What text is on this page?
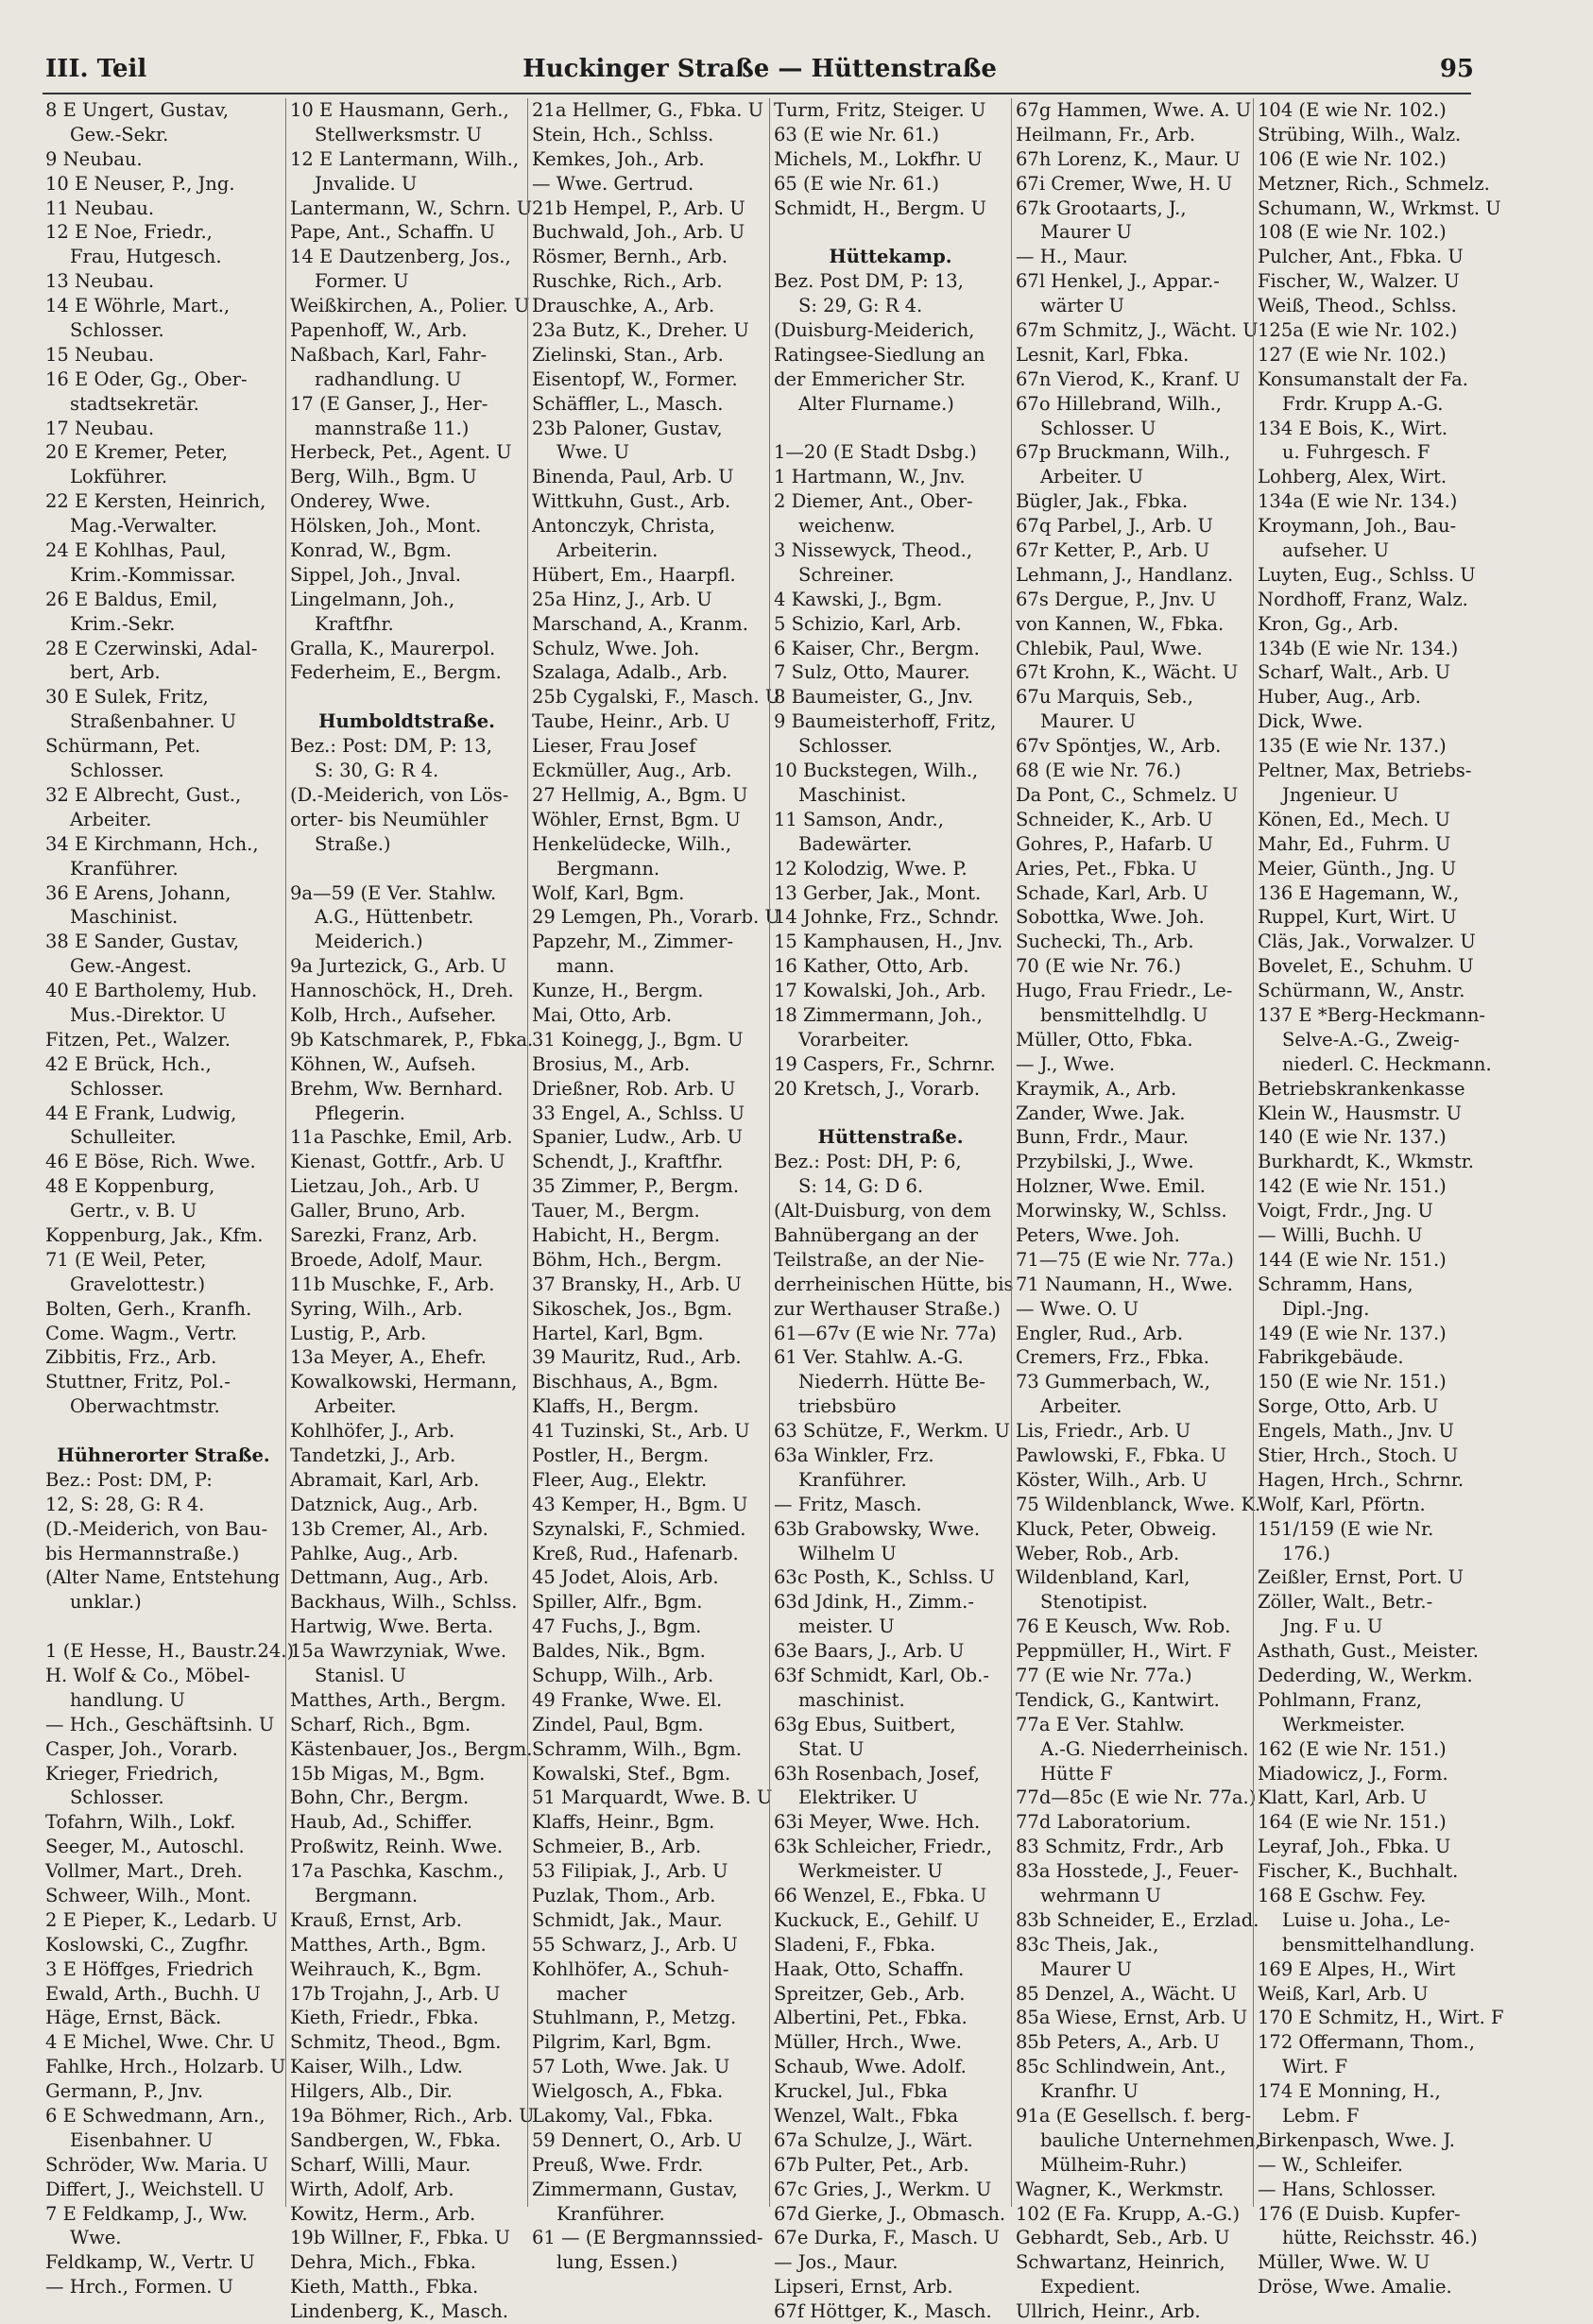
III. Teil	Huckinger Straße — Hüttenstraße	95
8 E Ungert, Gustav,
Gew.-Sekr.
9 Neubau.
10 E Neuser, P., Jng.
11 Neubau.
12 E Noe, Friedr.,
Frau, Hutgesch.
13 Neubau.
14 E Wöhrle, Mart.,
Schlosser.
15 Neubau.
16 E Oder, Gg., Ober-
stadtsekretär.
17 Neubau.
20 E Kremer, Peter,
Lokführer.
22 E Kersten, Heinrich,
Mag.-Verwalter.
24 E Kohlhas, Paul,
Krim.-Kommissar.
26 E Baldus, Emil,
Krim.-Sekr.
28 E Czerwinski, Adal-
bert, Arb.
30 E Sulek, Fritz,
Straßenbahner. U
Schürmann, Pet.
Schlosser.
32 E Albrecht, Gust.,
Arbeiter.
34 E Kirchmann, Hch.,
Kranführer.
36 E Arens, Johann,
Maschinist.
38 E Sander, Gustav,
Gew.-Angest.
40 E Bartholemy, Hub.
Mus.-Direktor. U
Fitzen, Pet., Walzer.
42 E Brück, Hch.,
Schlosser.
44 E Frank, Ludwig,
Schulleiter.
46 E Böse, Rich. Wwe.
48 E Koppenburg,
Gertr., v. B. U
Koppenburg, Jak., Kfm.
71 (E Weil, Peter,
Gravelottestr.)
Bolten, Gerh., Kranfh.
Come. Wagm., Vertr.
Zibbitis, Frz., Arb.
Stuttner, Fritz, Pol.-
Oberwachtmstr.
Hühnerorter Straße.
Bez.: Post: DM, P:
12, S: 28, G: R 4.
(D.-Meiderich, von Bau-
bis Hermannstraße.)
(Alter Name, Entstehung
unklar.)
1 (E Hesse, H., Baustr.24.)
H. Wolf & Co., Möbel-
handlung. U
— Hch., Geschäftsinh. U
Casper, Joh., Vorarb.
Krieger, Friedrich,
Schlosser.
Tofahrn, Wilh., Lokf.
Seeger, M., Autoschl.
Vollmer, Mart., Dreh.
Schweer, Wilh., Mont.
2 E Pieper, K., Ledarb. U
Koslowski, C., Zugfhr.
3 E Höffges, Friedrich
Ewald, Arth., Buchh. U
Häge, Ernst, Bäck.
4 E Michel, Wwe. Chr. U
Fahlke, Hrch., Holzarb. U
Germann, P., Jnv.
6 E Schwedmann, Arn.,
Eisenbahner. U
Schröder, Ww. Maria. U
Differt, J., Weichstell. U
7 E Feldkamp, J., Ww.
Wwe.
Feldkamp, W., Vertr. U
— Hrch., Formen. U
10 E Hausmann, Gerh.,
Stellwerksmstr. U
12 E Lantermann, Wilh.,
Jnvalide. U
Lantermann, W., Schrn. U
Pape, Ant., Schaffn. U
14 E Dautzenberg, Jos.,
Former. U
Weißkirchen, A., Polier. U
Papenhoff, W., Arb.
Naßbach, Karl, Fahr-
radhandlung. U
17 (E Ganser, J., Her-
mannstraße 11.)
Herbeck, Pet., Agent. U
Berg, Wilh., Bgm. U
Onderey, Wwe.
Hölsken, Joh., Mont.
Konrad, W., Bgm.
Sippel, Joh., Jnval.
Lingelmann, Joh.,
Kraftfhr.
Gralla, K., Maurerpol.
Federheim, E., Bergm.
Humboldtstraße.
Bez.: Post: DM, P: 13,
S: 30, G: R 4.
(D.-Meiderich, von Lös-
orter- bis Neumühler
Straße.)
9a—59 (E Ver. Stahlw.
A.G., Hüttenbetr.
Meiderich.)
9a Jurtezick, G., Arb. U
Hannoschöck, H., Dreh.
Kolb, Hrch., Aufseher.
9b Katschmarek, P., Fbka.
Köhnen, W., Aufseh.
Brehm, Ww. Bernhard.
Pflegerin.
11a Paschke, Emil, Arb.
Kienast, Gottfr., Arb. U
Lietzau, Joh., Arb. U
Galler, Bruno, Arb.
Sarezki, Franz, Arb.
Broede, Adolf, Maur.
11b Muschke, F., Arb.
Syring, Wilh., Arb.
Lustig, P., Arb.
13a Meyer, A., Ehefr.
Kowalkowski, Hermann,
Arbeiter.
Kohlhöfer, J., Arb.
Tandetzki, J., Arb.
Abramait, Karl, Arb.
Datznick, Aug., Arb.
13b Cremer, Al., Arb.
Pahlke, Aug., Arb.
Dettmann, Aug., Arb.
Backhaus, Wilh., Schlss.
Hartwig, Wwe. Berta.
15a Wawrzyniak, Wwe.
Stanisl. U
Matthes, Arth., Bergm.
Scharf, Rich., Bgm.
Kästenbauer, Jos., Bergm.
15b Migas, M., Bgm.
Bohn, Chr., Bergm.
Haub, Ad., Schiffer.
Proßwitz, Reinh. Wwe.
17a Paschka, Kaschm.,
Bergmann.
Krauß, Ernst, Arb.
Matthes, Arth., Bgm.
Weihrauch, K., Bgm.
17b Trojahn, J., Arb. U
Kieth, Friedr., Fbka.
Schmitz, Theod., Bgm.
Kaiser, Wilh., Ldw.
Hilgers, Alb., Dir.
19a Böhmer, Rich., Arb. U
Sandbergen, W., Fbka.
Scharf, Willi, Maur.
Wirth, Adolf, Arb.
Kowitz, Herm., Arb.
19b Willner, F., Fbka. U
Dehra, Mich., Fbka.
Kieth, Matth., Fbka.
Lindenberg, K., Masch.
21a Hellmer, G., Fbka. U
Stein, Hch., Schlss.
Kemkes, Joh., Arb.
— Wwe. Gertrud.
21b Hempel, P., Arb. U
Buchwald, Joh., Arb. U
Rösmer, Bernh., Arb.
Ruschke, Rich., Arb.
Drauschke, A., Arb.
23a Butz, K., Dreher. U
Zielinski, Stan., Arb.
Eisentopf, W., Former.
Schäffler, L., Masch.
23b Paloner, Gustav,
Wwe. U
Binenda, Paul, Arb. U
Wittkuhn, Gust., Arb.
Antonczyk, Christa,
Arbeiterin.
Hübert, Em., Haarpfl.
25a Hinz, J., Arb. U
Marschand, A., Kranm.
Schulz, Wwe. Joh.
Szalaga, Adalb., Arb.
25b Cygalski, F., Masch. U
Taube, Heinr., Arb. U
Lieser, Frau Josef
Eckmüller, Aug., Arb.
27 Hellmig, A., Bgm. U
Wöhler, Ernst, Bgm. U
Henkelüdecke, Wilh.,
Bergmann.
Wolf, Karl, Bgm.
29 Lemgen, Ph., Vorarb. U
Papzehr, M., Zimmer-
mann.
Kunze, H., Bergm.
Mai, Otto, Arb.
31 Koinegg, J., Bgm. U
Brosius, M., Arb.
Drießner, Rob. Arb. U
33 Engel, A., Schlss. U
Spanier, Ludw., Arb. U
Schendt, J., Kraftfhr.
35 Zimmer, P., Bergm.
Tauer, M., Bergm.
Habicht, H., Bergm.
Böhm, Hch., Bergm.
37 Bransky, H., Arb. U
Sikoschek, Jos., Bgm.
Hartel, Karl, Bgm.
39 Mauritz, Rud., Arb.
Bischhaus, A., Bgm.
Klaffs, H., Bergm.
41 Tuzinski, St., Arb. U
Postler, H., Bergm.
Fleer, Aug., Elektr.
43 Kemper, H., Bgm. U
Szynalski, F., Schmied.
Kreß, Rud., Hafenarb.
45 Jodet, Alois, Arb.
Spiller, Alfr., Bgm.
47 Fuchs, J., Bgm.
Baldes, Nik., Bgm.
Schupp, Wilh., Arb.
49 Franke, Wwe. El.
Zindel, Paul, Bgm.
Schramm, Wilh., Bgm.
Kowalski, Stef., Bgm.
51 Marquardt, Wwe. B. U
Klaffs, Heinr., Bgm.
Schmeier, B., Arb.
53 Filipiak, J., Arb. U
Puzlak, Thom., Arb.
Schmidt, Jak., Maur.
55 Schwarz, J., Arb. U
Kohlhöfer, A., Schuh-
macher
Stuhlmann, P., Metzg.
Pilgrim, Karl, Bgm.
57 Loth, Wwe. Jak. U
Wielgosch, A., Fbka.
Lakomy, Val., Fbka.
59 Dennert, O., Arb. U
Preuß, Wwe. Frdr.
Zimmermann, Gustav,
Kranführer.
61 — (E Bergmannssied-
lung, Essen.)
Turm, Fritz, Steiger. U
63 (E wie Nr. 61.)
Michels, M., Lokfhr. U
65 (E wie Nr. 61.)
Schmidt, H., Bergm. U
Hüttekamp.
Bez. Post DM, P: 13,
S: 29, G: R 4.
(Duisburg-Meiderich,
Ratingsee-Siedlung an
der Emmericher Str.
Alter Flurname.)
1—20 (E Stadt Dsbg.)
1 Hartmann, W., Jnv.
2 Diemer, Ant., Ober-
weichenw.
3 Nissewyck, Theod.,
Schreiner.
4 Kawski, J., Bgm.
5 Schizio, Karl, Arb.
6 Kaiser, Chr., Bergm.
7 Sulz, Otto, Maurer.
8 Baumeister, G., Jnv.
9 Baumeisterhoff, Fritz,
Schlosser.
10 Buckstegen, Wilh.,
Maschinist.
11 Samson, Andr.,
Badewärter.
12 Kolodzig, Wwe. P.
13 Gerber, Jak., Mont.
14 Johnke, Frz., Schndr.
15 Kamphausen, H., Jnv.
16 Kather, Otto, Arb.
17 Kowalski, Joh., Arb.
18 Zimmermann, Joh.,
Vorarbeiter.
19 Caspers, Fr., Schrnr.
20 Kretsch, J., Vorarb.
Hüttenstraße.
Bez.: Post: DH, P: 6,
S: 14, G: D 6.
(Alt-Duisburg, von dem
Bahnübergang an der
Teilstraße, an der Nie-
derrheinischen Hütte, bis
zur Werthauser Straße.)
61—67v (E wie Nr. 77a)
61 Ver. Stahlw. A.-G.
Niederrh. Hütte Be-
triebsbüro
63 Schütze, F., Werkm. U
63a Winkler, Frz.
Kranführer.
— Fritz, Masch.
63b Grabowsky, Wwe.
Wilhelm U
63c Posth, K., Schlss. U
63d Jdink, H., Zimm.-
meister. U
63e Baars, J., Arb. U
63f Schmidt, Karl, Ob.-
maschinist.
63g Ebus, Suitbert,
Stat. U
63h Rosenbach, Josef,
Elektriker. U
63i Meyer, Wwe. Hch.
63k Schleicher, Friedr.,
Werkmeister. U
66 Wenzel, E., Fbka. U
Kuckuck, E., Gehilf. U
Sladeni, F., Fbka.
Haak, Otto, Schaffn.
Spreitzer, Geb., Arb.
Albertini, Pet., Fbka.
Müller, Hrch., Wwe.
Schaub, Wwe. Adolf.
Kruckel, Jul., Fbka
Wenzel, Walt., Fbka
67a Schulze, J., Wärt.
67b Pulter, Pet., Arb.
67c Gries, J., Werkm. U
67d Gierke, J., Obmasch.
67e Durka, F., Masch. U
— Jos., Maur.
Lipseri, Ernst, Arb.
67f Höttger, K., Masch.
67g Hammen, Wwe. A. U
Heilmann, Fr., Arb.
67h Lorenz, K., Maur. U
67i Cremer, Wwe, H. U
67k Grootaarts, J.,
Maurer U
— H., Maur.
67l Henkel, J., Appar.-
wärter U
67m Schmitz, J., Wächt. U
Lesnit, Karl, Fbka.
67n Vierod, K., Kranf. U
67o Hillebrand, Wilh.,
Schlosser. U
67p Bruckmann, Wilh.,
Arbeiter. U
Bügler, Jak., Fbka.
67q Parbel, J., Arb. U
67r Ketter, P., Arb. U
Lehmann, J., Handlanz.
67s Dergue, P., Jnv. U
von Kannen, W., Fbka.
Chlebik, Paul, Wwe.
67t Krohn, K., Wächt. U
67u Marquis, Seb.,
Maurer. U
67v Spöntjes, W., Arb.
68 (E wie Nr. 76.)
Da Pont, C., Schmelz. U
Schneider, K., Arb. U
Gohres, P., Hafarb. U
Aries, Pet., Fbka. U
Schade, Karl, Arb. U
Sobottka, Wwe. Joh.
Suchecki, Th., Arb.
70 (E wie Nr. 76.)
Hugo, Frau Friedr., Le-
bensmittelhdlg. U
Müller, Otto, Fbka.
— J., Wwe.
Kraymik, A., Arb.
Zander, Wwe. Jak.
Bunn, Frdr., Maur.
Przybilski, J., Wwe.
Holzner, Wwe. Emil.
Morwinsky, W., Schlss.
Peters, Wwe. Joh.
71—75 (E wie Nr. 77a.)
71 Naumann, H., Wwe.
— Wwe. O. U
Engler, Rud., Arb.
Cremers, Frz., Fbka.
73 Gummerbach, W.,
Arbeiter.
Lis, Friedr., Arb. U
Pawlowski, F., Fbka. U
Köster, Wilh., Arb. U
75 Wildenblanck, Wwe. K.
Kluck, Peter, Obweig.
Weber, Rob., Arb.
Wildenbland, Karl,
Stenotipist.
76 E Keusch, Ww. Rob.
Peppmüller, H., Wirt. F
77 (E wie Nr. 77a.)
Tendick, G., Kantwirt.
77a E Ver. Stahlw.
A.-G. Niederrheinisch.
Hütte F
77d—85c (E wie Nr. 77a.)
77d Laboratorium.
83 Schmitz, Frdr., Arb
83a Hosstede, J., Feuer-
wehrmann U
83b Schneider, E., Erzlad.
83c Theis, Jak.,
Maurer U
85 Denzel, A., Wächt. U
85a Wiese, Ernst, Arb. U
85b Peters, A., Arb. U
85c Schlindwein, Ant.,
Kranfhr. U
91a (E Gesellsch. f. berg-
bauliche Unternehmen,
Mülheim-Ruhr.)
Wagner, K., Werkmstr.
102 (E Fa. Krupp, A.-G.)
Gebhardt, Seb., Arb. U
Schwartanz, Heinrich,
Expedient.
Ullrich, Heinr., Arb.
104 (E wie Nr. 102.)
Strübing, Wilh., Walz.
106 (E wie Nr. 102.)
Metzner, Rich., Schmelz.
Schumann, W., Wrkmst. U
108 (E wie Nr. 102.)
Pulcher, Ant., Fbka. U
Fischer, W., Walzer. U
Weiß, Theod., Schlss.
125a (E wie Nr. 102.)
127 (E wie Nr. 102.)
Konsumanstalt der Fa.
Frdr. Krupp A.-G.
134 E Bois, K., Wirt.
u. Fuhrgesch. F
Lohberg, Alex, Wirt.
134a (E wie Nr. 134.)
Kroymann, Joh., Bau-
aufseher. U
Luyten, Eug., Schlss. U
Nordhoff, Franz, Walz.
Kron, Gg., Arb.
134b (E wie Nr. 134.)
Scharf, Walt., Arb. U
Huber, Aug., Arb.
Dick, Wwe.
135 (E wie Nr. 137.)
Peltner, Max, Betriebs-
Jngenieur. U
Könen, Ed., Mech. U
Mahr, Ed., Fuhrm. U
Meier, Günth., Jng. U
136 E Hagemann, W.,
Ruppel, Kurt, Wirt. U
Cläs, Jak., Vorwalzer. U
Bovelet, E., Schuhm. U
Schürmann, W., Anstr.
137 E *Berg-Heckmann-
Selve-A.-G., Zweig-
niederl. C. Heckmann.
Betriebskrankenkasse
Klein W., Hausmstr. U
140 (E wie Nr. 137.)
Burkhardt, K., Wkmstr.
142 (E wie Nr. 151.)
Voigt, Frdr., Jng. U
— Willi, Buchh. U
144 (E wie Nr. 151.)
Schramm, Hans,
Dipl.-Jng.
149 (E wie Nr. 137.)
Fabrikgebäude.
150 (E wie Nr. 151.)
Sorge, Otto, Arb. U
Engels, Math., Jnv. U
Stier, Hrch., Stoch. U
Hagen, Hrch., Schrnr.
Wolf, Karl, Pförtn.
151/159 (E wie Nr.
176.)
Zeißler, Ernst, Port. U
Zöller, Walt., Betr.-
Jng. F u. U
Asthath, Gust., Meister.
Dederding, W., Werkm.
Pohlmann, Franz,
Werkmeister.
162 (E wie Nr. 151.)
Miadowicz, J., Form.
Klatt, Karl, Arb. U
164 (E wie Nr. 151.)
Leyraf, Joh., Fbka. U
Fischer, K., Buchhalt.
168 E Gschw. Fey.
Luise u. Joha., Le-
bensmittelhandlung.
169 E Alpes, H., Wirt
Weiß, Karl, Arb. U
170 E Schmitz, H., Wirt. F
172 Offermann, Thom.,
Wirt. F
174 E Monning, H.,
Lebm. F
Birkenpasch, Wwe. J.
— W., Schleifer.
— Hans, Schlosser.
176 (E Duisb. Kupfer-
hütte, Reichsstr. 46.)
Müller, Wwe. W. U
Dröse, Wwe. Amalie.
